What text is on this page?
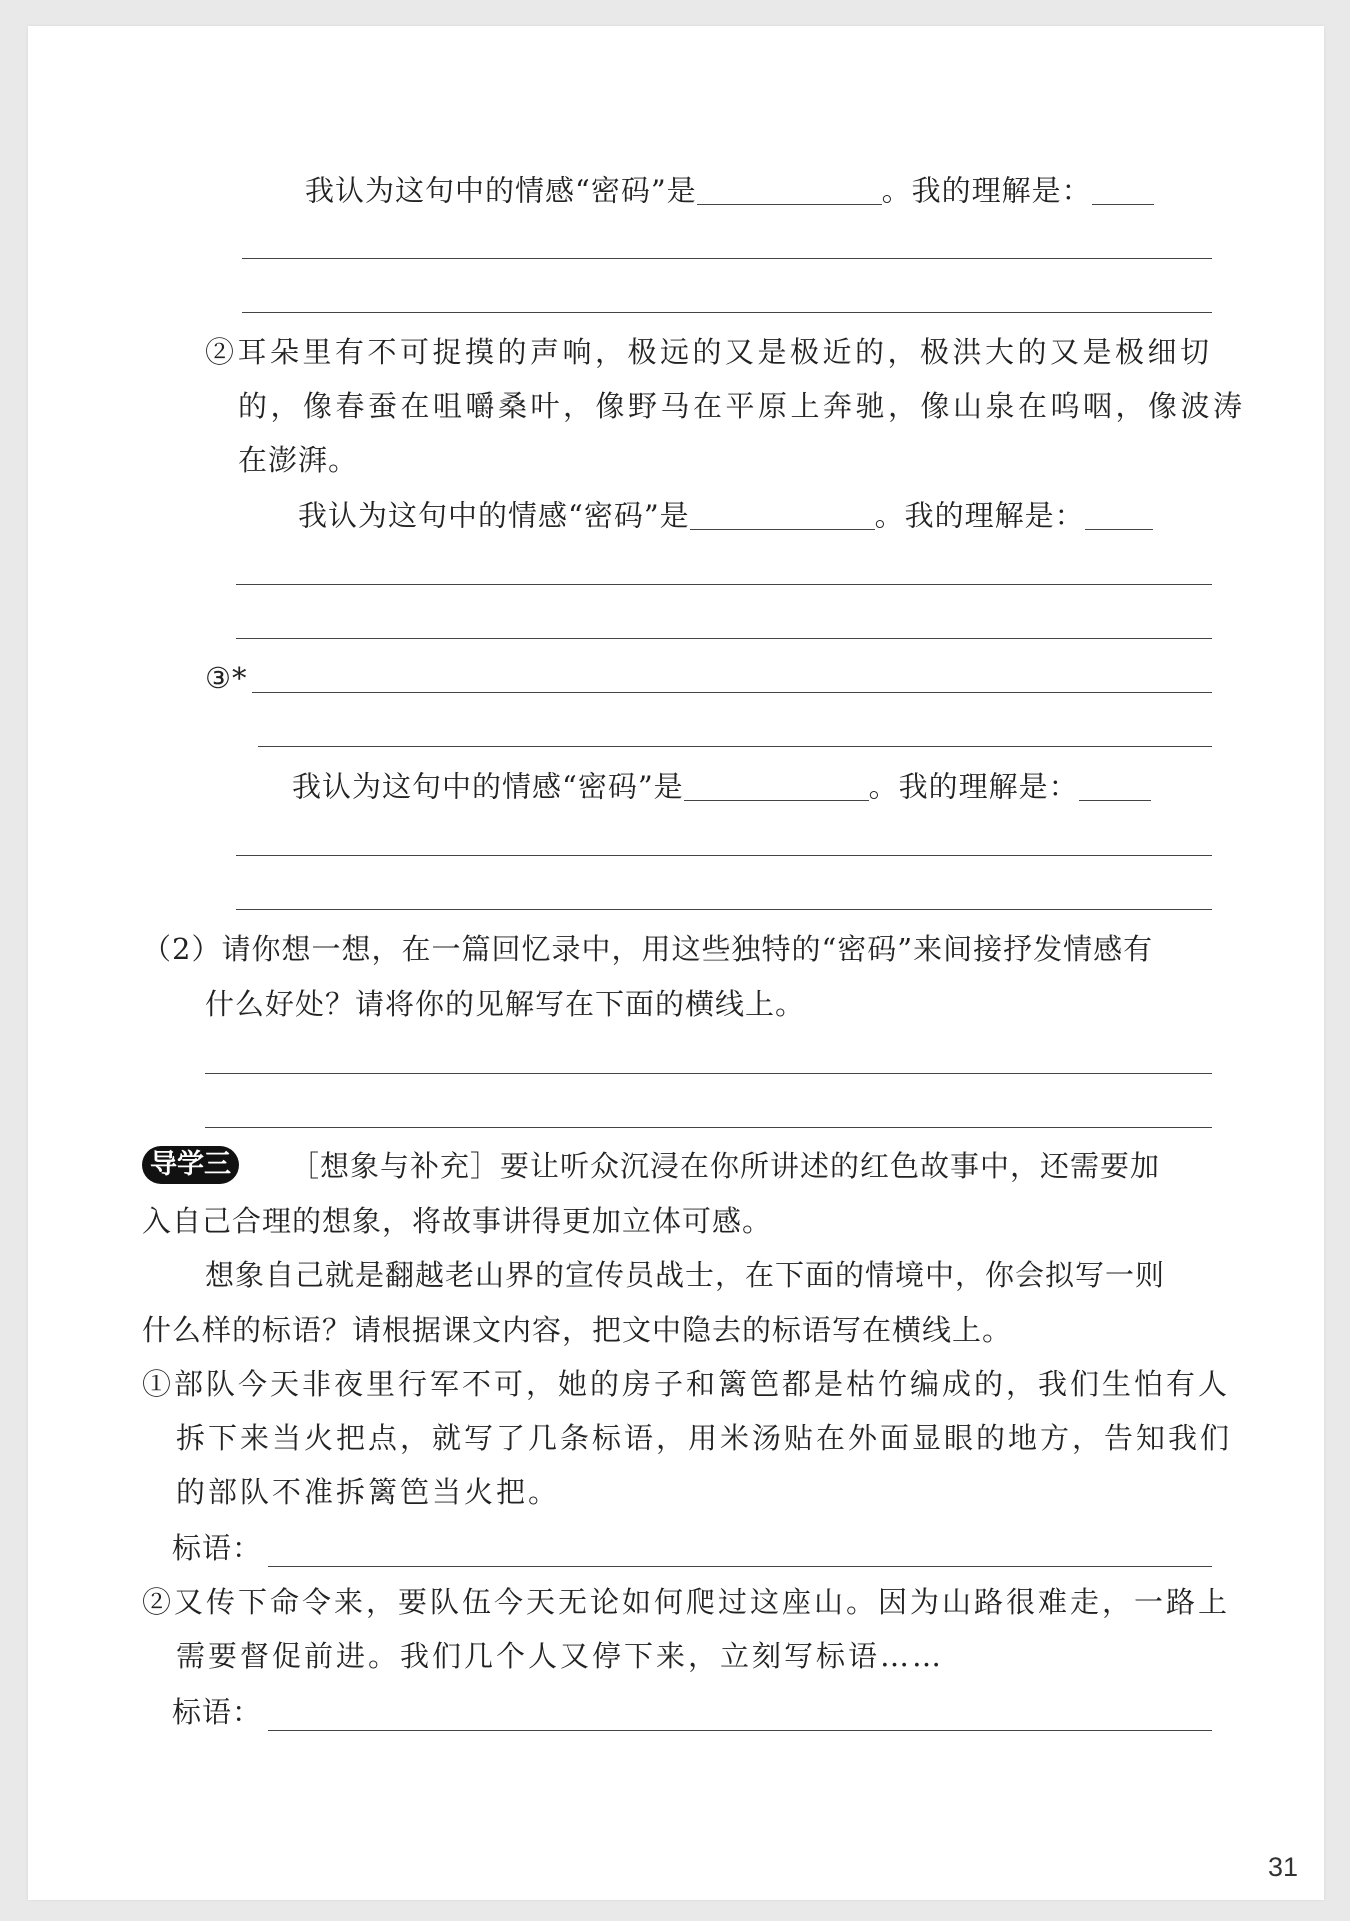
我认为这句中的情感“密码”是	。我的理解是：
②耳朵里有不可捉摸的声响，极远的又是极近的，极洪大的又是极细切
的，像春蚕在咀嚼桑叶，像野马在平原上奔驰，像山泉在呜咽，像波涛
在澎湃。
我认为这句中的情感“密码”是	。我的理解是：
③*
我认为这句中的情感“密码”是	。我的理解是：
（2）请你想一想，在一篇回忆录中，用这些独特的“密码”来间接抒发情感有
什么好处？请将你的见解写在下面的横线上。
导学三 ［想象与补充］要让听众沉浸在你所讲述的红色故事中，还需要加
入自己合理的想象，将故事讲得更加立体可感。
想象自己就是翻越老山界的宣传员战士，在下面的情境中，你会拟写一则
什么样的标语？请根据课文内容，把文中隐去的标语写在横线上。
①部队今天非夜里行军不可，她的房子和篱笆都是枯竹编成的，我们生怕有人
拆下来当火把点，就写了几条标语，用米汤贴在外面显眼的地方，告知我们
的部队不准拆篱笆当火把。
标语：
②又传下命令来，要队伍今天无论如何爬过这座山。因为山路很难走，一路上
需要督促前进。我们几个人又停下来，立刻写标语……
标语：
31
